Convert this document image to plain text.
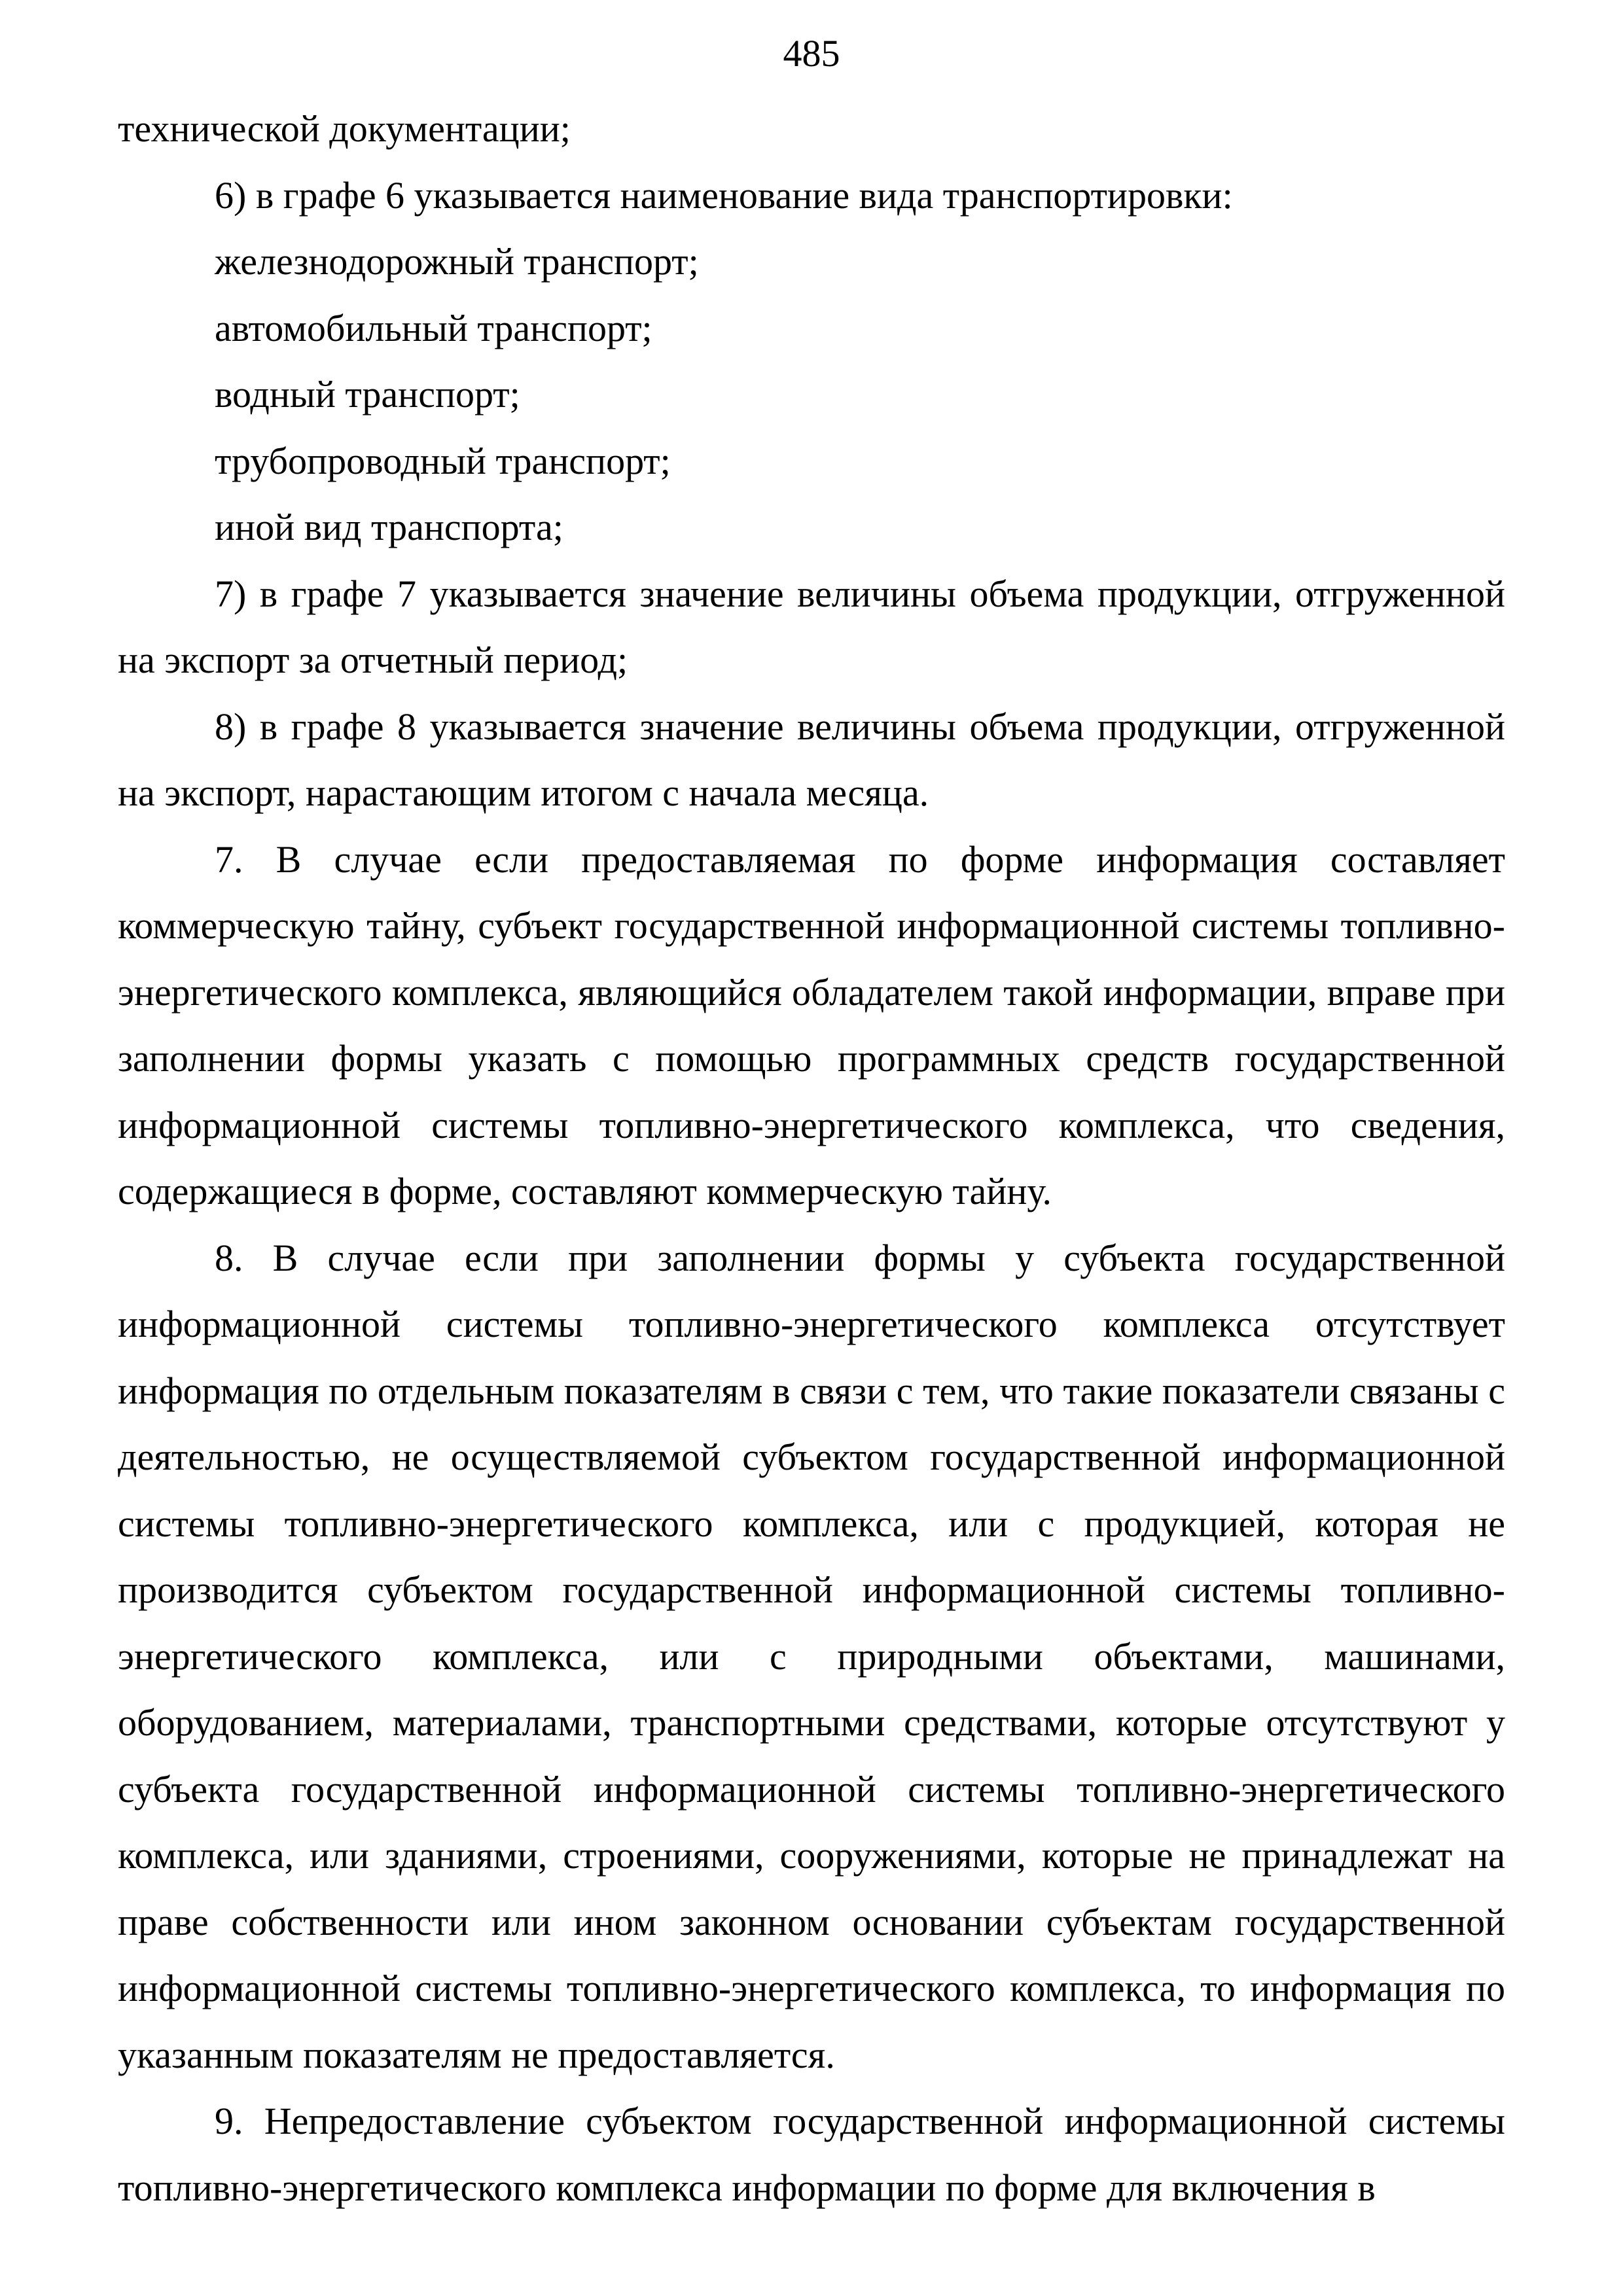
485

технической документации;

6) в графе 6 указывается наименование вида транспортировки:

железнодорожный транспорт;

автомобильный транспорт;

водный транспорт;

трубопроводный транспорт;

иной вид транспорта;

7) в графе 7 указывается значение величины объема продукции, отгруженной на экспорт за отчетный период;

8) в графе 8 указывается значение величины объема продукции, отгруженной на экспорт, нарастающим итогом с начала месяца.

7. В случае если предоставляемая по форме информация составляет коммерческую тайну, субъект государственной информационной системы топливно-энергетического комплекса, являющийся обладателем такой информации, вправе при заполнении формы указать с помощью программных средств государственной информационной системы топливно-энергетического комплекса, что сведения, содержащиеся в форме, составляют коммерческую тайну.

8. В случае если при заполнении формы у субъекта государственной информационной системы топливно-энергетического комплекса отсутствует информация по отдельным показателям в связи с тем, что такие показатели связаны с деятельностью, не осуществляемой субъектом государственной информационной системы топливно-энергетического комплекса, или с продукцией, которая не производится субъектом государственной информационной системы топливно-энергетического комплекса, или с природными объектами, машинами, оборудованием, материалами, транспортными средствами, которые отсутствуют у субъекта государственной информационной системы топливно-энергетического комплекса, или зданиями, строениями, сооружениями, которые не принадлежат на праве собственности или ином законном основании субъектам государственной информационной системы топливно-энергетического комплекса, то информация по указанным показателям не предоставляется.

9. Непредоставление субъектом государственной информационной системы топливно-энергетического комплекса информации по форме для включения в
